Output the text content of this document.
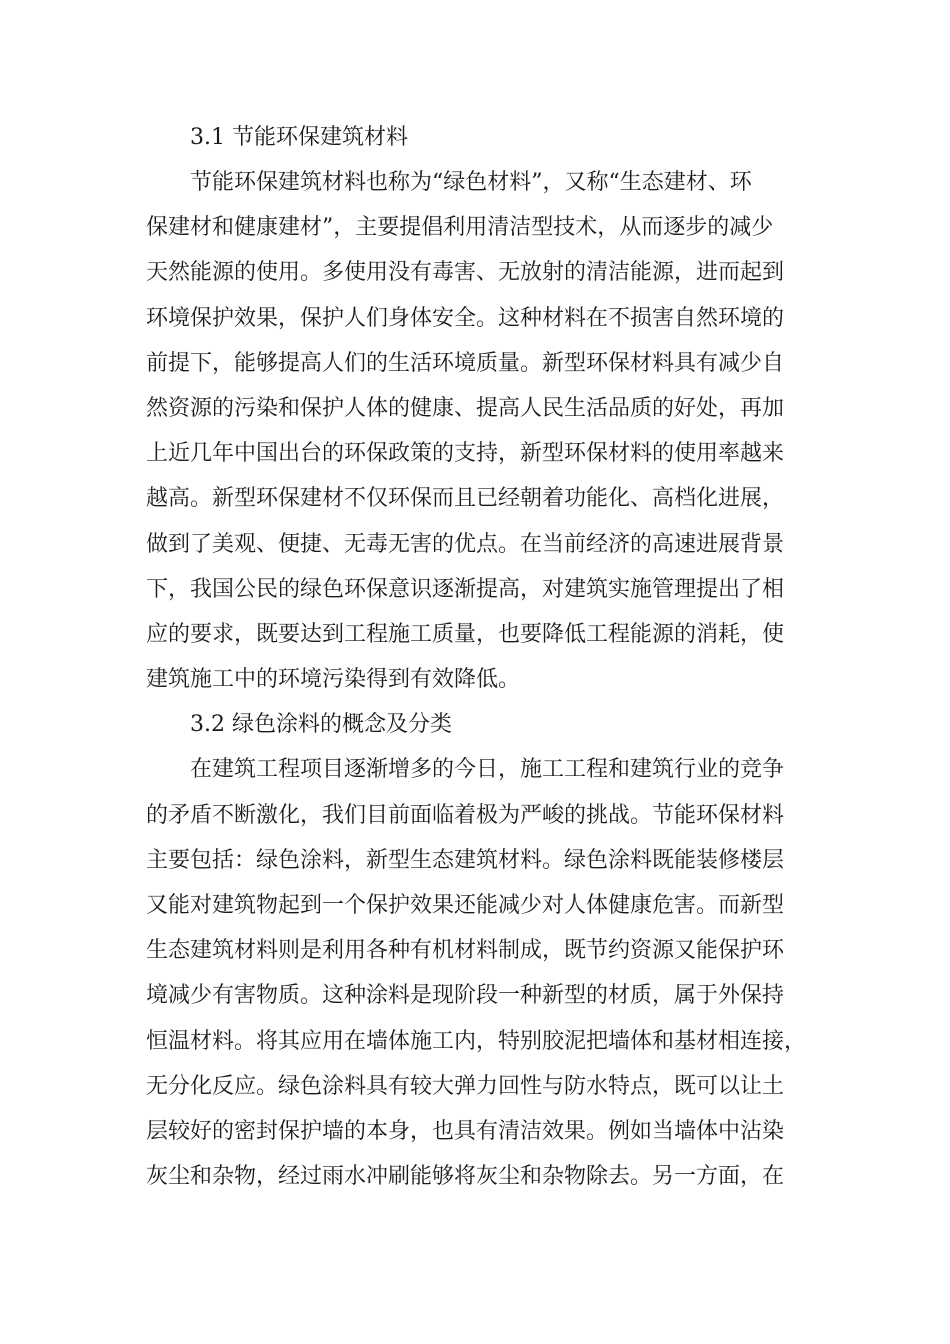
3.1 节能环保建筑材料
节能环保建筑材料也称为“绿色材料”，又称“生态建材、环
保建材和健康建材”，主要提倡利用清洁型技术，从而逐步的减少
天然能源的使用。多使用没有毒害、无放射的清洁能源，进而起到
环境保护效果，保护人们身体安全。这种材料在不损害自然环境的
前提下，能够提高人们的生活环境质量。新型环保材料具有减少自
然资源的污染和保护人体的健康、提高人民生活品质的好处，再加
上近几年中国出台的环保政策的支持，新型环保材料的使用率越来
越高。新型环保建材不仅环保而且已经朝着功能化、高档化进展，
做到了美观、便捷、无毒无害的优点。在当前经济的高速进展背景
下，我国公民的绿色环保意识逐渐提高，对建筑实施管理提出了相
应的要求，既要达到工程施工质量，也要降低工程能源的消耗，使
建筑施工中的环境污染得到有效降低。
3.2 绿色涂料的概念及分类
在建筑工程项目逐渐增多的今日，施工工程和建筑行业的竞争
的矛盾不断激化，我们目前面临着极为严峻的挑战。节能环保材料
主要包括：绿色涂料，新型生态建筑材料。绿色涂料既能装修楼层
又能对建筑物起到一个保护效果还能减少对人体健康危害。而新型
生态建筑材料则是利用各种有机材料制成，既节约资源又能保护环
境减少有害物质。这种涂料是现阶段一种新型的材质，属于外保持
恒温材料。将其应用在墙体施工内，特别胶泥把墙体和基材相连接，
无分化反应。绿色涂料具有较大弹力回性与防水特点，既可以让土
层较好的密封保护墙的本身，也具有清洁效果。例如当墙体中沾染
灰尘和杂物，经过雨水冲刷能够将灰尘和杂物除去。另一方面，在
